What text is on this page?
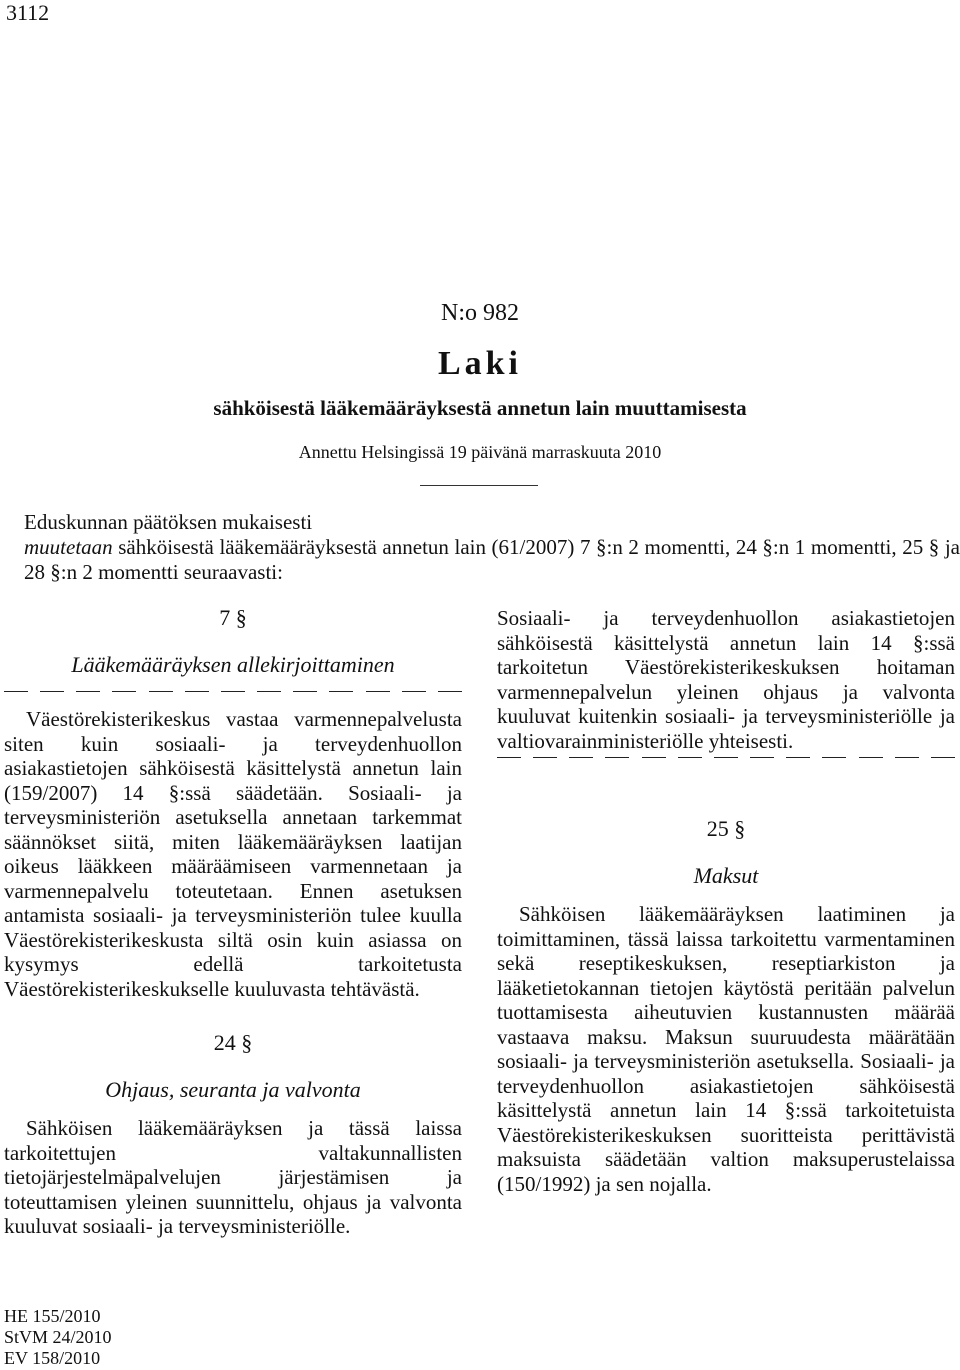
3112
N:o 982
Laki
sähköisestä lääkemääräyksestä annetun lain muuttamisesta
Annettu Helsingissä 19 päivänä marraskuuta 2010

Eduskunnan päätöksen mukaisesti

muutetaan sähköisestä lääkemääräyksestä annetun lain (61/2007) 7 §:n 2 momentti, 24 §:n 1 momentti, 25 § ja 28 §:n 2 momentti seuraavasti:

7 §
Lääkemääräyksen allekirjoittaminen

Väestörekisterikeskus vastaa varmennepalvelusta siten kuin sosiaali- ja terveydenhuollon asiakastietojen sähköisestä käsittelystä annetun lain (159/2007) 14 §:ssä säädetään. Sosiaali- ja terveysministeriön asetuksella annetaan tarkemmat säännökset siitä, miten lääkemääräyksen laatijan oikeus lääkkeen määräämiseen varmennetaan ja varmennepalvelu toteutetaan. Ennen asetuksen antamista sosiaali- ja terveysministeriön tulee kuulla Väestörekisterikeskusta siltä osin kuin asiassa on kysymys edellä tarkoitetusta Väestörekisterikeskukselle kuuluvasta tehtävästä.

24 §
Ohjaus, seuranta ja valvonta

Sähköisen lääkemääräyksen ja tässä laissa tarkoitettujen valtakunnallisten tietojärjestelmäpalvelujen järjestämisen ja toteuttamisen yleinen suunnittelu, ohjaus ja valvonta kuuluvat sosiaali- ja terveysministeriölle.

Sosiaali- ja terveydenhuollon asiakastietojen sähköisestä käsittelystä annetun lain 14 §:ssä tarkoitetun Väestörekisterikeskuksen hoitaman varmennepalvelun yleinen ohjaus ja valvonta kuuluvat kuitenkin sosiaali- ja terveysministeriölle ja valtiovarainministeriölle yhteisesti.

25 §
Maksut

Sähköisen lääkemääräyksen laatiminen ja toimittaminen, tässä laissa tarkoitettu varmentaminen sekä reseptikeskuksen, reseptiarkiston ja lääketietokannan tietojen käytöstä peritään palvelun tuottamisesta aiheutuvien kustannusten määrää vastaava maksu. Maksun suuruudesta määrätään sosiaali- ja terveysministeriön asetuksella. Sosiaali- ja terveydenhuollon asiakastietojen sähköisestä käsittelystä annetun lain 14 §:ssä tarkoitetuista Väestörekisterikeskuksen suoritteista perittävistä maksuista säädetään valtion maksuperustelaissa (150/1992) ja sen nojalla.

HE 155/2010
StVM 24/2010
EV 158/2010
